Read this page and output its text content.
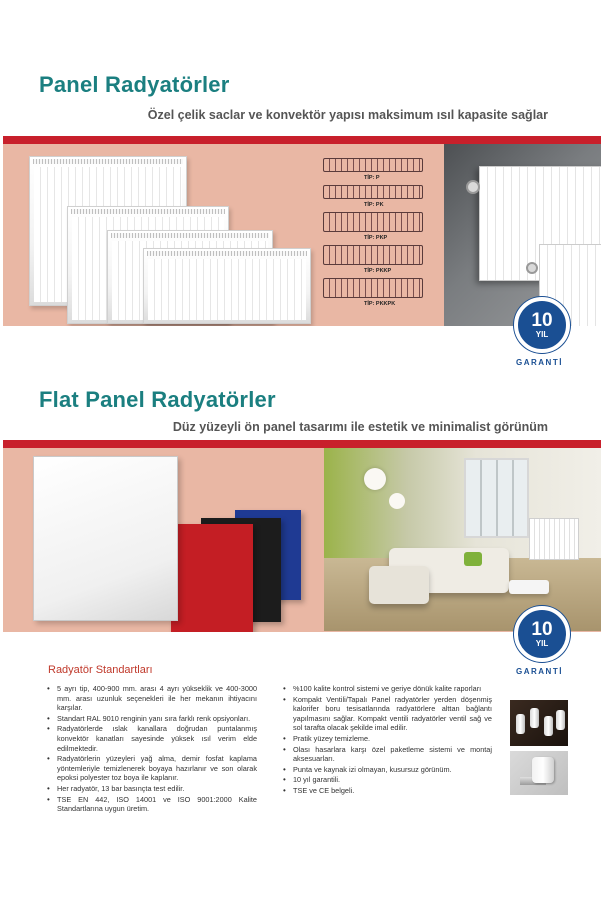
Panel Radyatörler
Özel çelik saclar ve konvektör yapısı maksimum ısıl kapasite sağlar
TİP: P
TİP: PK
TİP: PKP
TİP: PKKP
TİP: PKKPK
10
YIL
GARANTİ
Flat Panel Radyatörler
Düz yüzeyli ön panel tasarımı ile estetik ve minimalist görünüm
10
YIL
GARANTİ
Radyatör Standartları
• 5 ayrı tip, 400-900 mm. arası 4 ayrı yükseklik ve 400-3000 mm. arası uzunluk seçenekleri ile her mekanın ihtiyacını karşılar.
• Standart RAL 9010 renginin yanı sıra farklı renk opsiyonları.
• Radyatörlerde ıslak kanallara doğrudan puntalanmış konvektör kanatları sayesinde yüksek ısıl verim elde edilmektedir.
• Radyatörlerin yüzeyleri yağ alma, demir fosfat kaplama yöntemleriyle temizlenerek boyaya hazırlanır ve son olarak epoksi polyester toz boya ile kaplanır.
• Her radyatör, 13 bar basınçta test edilir.
• TSE EN 442, ISO 14001 ve ISO 9001:2000 Kalite Standartlarına uygun üretim.
• %100 kalite kontrol sistemi ve geriye dönük kalite raporları
• Kompakt Ventili/Tapalı Panel radyatörler yerden döşenmiş kalorifer boru tesisatlarında radyatörlere alttan bağlantı yapılmasını sağlar. Kompakt ventili radyatörler ventil sağ ve sol tarafta olacak şekilde imal edilir.
• Pratik yüzey temizleme.
• Olası hasarlara karşı özel paketleme sistemi ve montaj aksesuarları.
• Punta ve kaynak izi olmayan, kusursuz görünüm.
• 10 yıl garantili.
• TSE ve CE belgeli.
